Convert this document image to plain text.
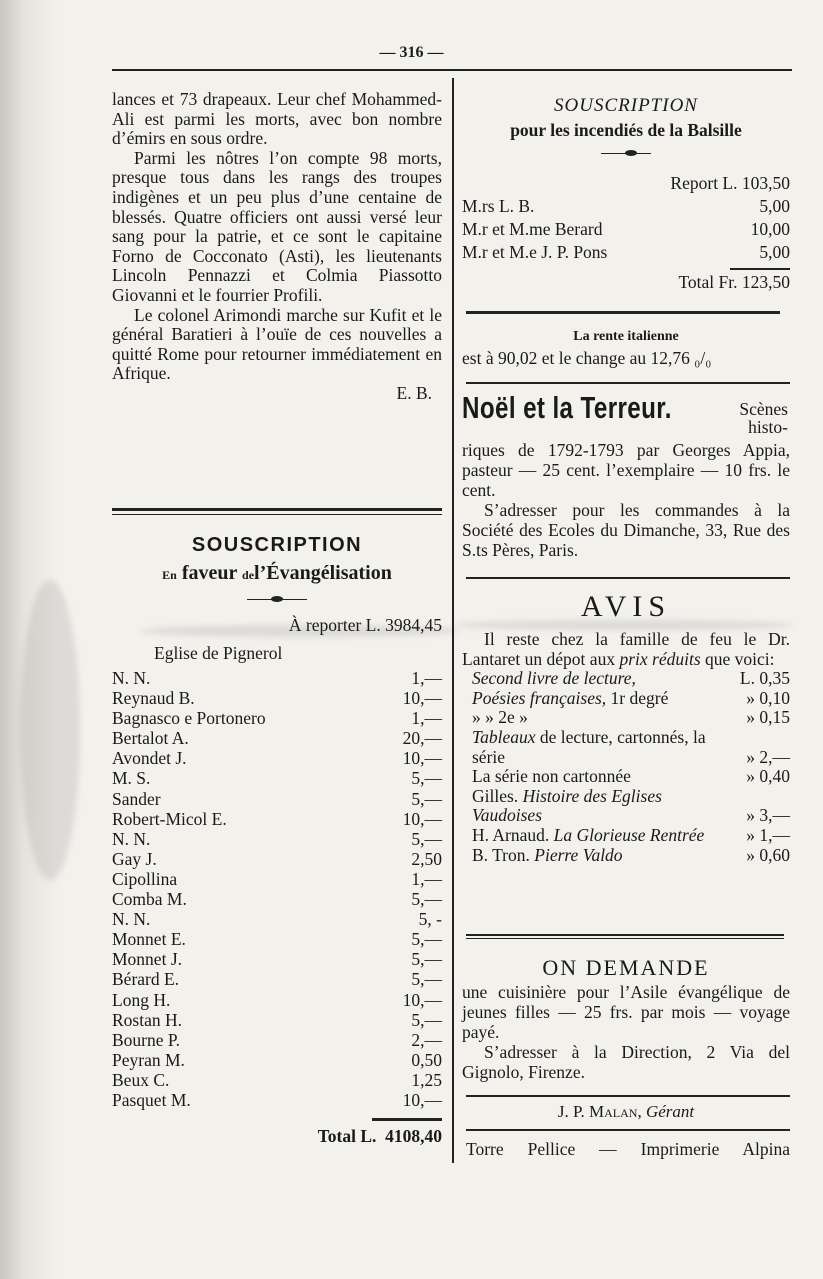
— 316 —

lances et 73 drapeaux. Leur chef Mohammed-Ali est parmi les morts, avec bon nombre d’émirs en sous ordre.

Parmi les nôtres l’on compte 98 morts, presque tous dans les rangs des troupes indigènes et un peu plus d’une centaine de blessés. Quatre officiers ont aussi versé leur sang pour la patrie, et ce sont le capitaine Forno de Cocconato (Asti), les lieutenants Lincoln Pennazzi et Colmia Piassotto Giovanni et le fourrier Profili.

Le colonel Arimondi marche sur Kufit et le général Baratieri à l’ouïe de ces nouvelles a quitté Rome pour retourner immédiatement en Afrique.

E. B.

SOUSCRIPTION
En faveur del’Évangélisation
À reporter L. 3984,45
Eglise de Pignerol
N. N.	1,—
Reynaud B.	10,—
Bagnasco e Portonero	1,—
Bertalot A.	20,—
Avondet J.	10,—
M. S.	5,—
Sander	5,—
Robert-Micol E.	10,—
N. N.	5,—
Gay J.	2,50
Cipollina	1,—
Comba M.	5,—
N. N.	5, -
Monnet E.	5,—
Monnet J.	5,—
Bérard E.	5,—
Long H.	10,—
Rostan H.	5,—
Bourne P.	2,—
Peyran M.	0,50
Beux C.	1,25
Pasquet M.	10,—
Total L. 4108,40
SOUSCRIPTION
pour les incendiés de la Balsille
Report L. 103,50
M.rs L. B.	5,00
M.r et M.me Berard	10,00
M.r et M.e J. P. Pons	5,00
Total Fr. 123,50
La rente italienne
est à 90,02 et le change au 12,76 ₀/₀
Noël et la Terreur.	Scènes
histo-

riques de 1792-1793 par Georges Appia, pasteur — 25 cent. l’exemplaire — 10 frs. le cent.

S’adresser pour les commandes à la Société des Ecoles du Dimanche, 33, Rue des S.ts Pères, Paris.

AVIS

Il reste chez la famille de feu le Dr. Lantaret un dépot aux prix réduits que voici:

Second livre de lecture,	L. 0,35
Poésies françaises, 1r degré	» 0,10
» » 2e »	» 0,15
Tableaux de lecture, cartonnés, la série	» 2,—
La série non cartonnée	» 0,40
Gilles. Histoire des Eglises Vaudoises	» 3,—
H. Arnaud. La Glorieuse Rentrée » 1,—
B. Tron. Pierre Valdo	» 0,60
ON DEMANDE

une cuisinière pour l’Asile évangélique de jeunes filles — 25 frs. par mois — voyage payé.

S’adresser à la Direction, 2 Via del Gignolo, Firenze.

J. P. Malan, Gérant
Torre Pellice — Imprimerie Alpina
